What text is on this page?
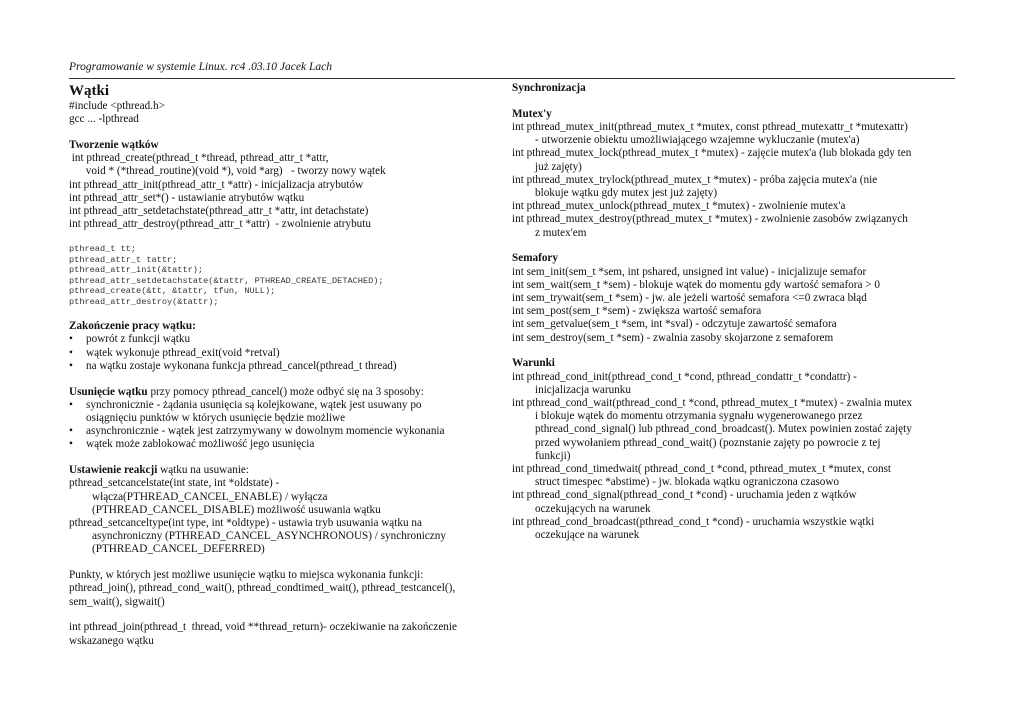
Programowanie w systemie Linux. rc4 .03.10 Jacek Lach
Wątki
#include <pthread.h>
gcc ... -lpthread
Tworzenie wątków
int pthread_create(pthread_t *thread, pthread_attr_t *attr,
void * (*thread_routine)(void *), void *arg)   - tworzy nowy wątek
int pthread_attr_init(pthread_attr_t *attr) - inicjalizacja atrybutów
int pthread_attr_set*() - ustawianie atrybutów wątku
int pthread_attr_setdetachstate(pthread_attr_t *attr, int detachstate)
int pthread_attr_destroy(pthread_attr_t *attr)  - zwolnienie atrybutu
pthread_t tt;
pthread_attr_t tattr;
pthread_attr_init(&tattr);
pthread_attr_setdetachstate(&tattr, PTHREAD_CREATE_DETACHED);
pthread_create(&tt, &tattr, tfun, NULL);
pthread_attr_destroy(&tattr);
Zakończenie pracy wątku:
• powrót z funkcji wątku
• wątek wykonuje pthread_exit(void *retval)
• na wątku zostaje wykonana funkcja pthread_cancel(pthread_t thread)
Usunięcie wątku przy pomocy pthread_cancel() może odbyć się na 3 sposoby:
• synchronicznie - żądania usunięcia są kolejkowane, wątek jest usuwany po
osiągnięciu punktów w których usunięcie będzie możliwe
• asynchronicznie - wątek jest zatrzymywany w dowolnym momencie wykonania
• wątek może zablokować możliwość jego usunięcia
Ustawienie reakcji wątku na usuwanie:
pthread_setcancelstate(int state, int *oldstate) -
włącza(PTHREAD_CANCEL_ENABLE) / wyłącza
(PTHREAD_CANCEL_DISABLE) możliwość usuwania wątku
pthread_setcanceltype(int type, int *oldtype) - ustawia tryb usuwania wątku na
asynchroniczny (PTHREAD_CANCEL_ASYNCHRONOUS) / synchroniczny
(PTHREAD_CANCEL_DEFERRED)
Punkty, w których jest możliwe usunięcie wątku to miejsca wykonania funkcji:
pthread_join(), pthread_cond_wait(), pthread_condtimed_wait(), pthread_testcancel(),
sem_wait(), sigwait()
int pthread_join(pthread_t  thread, void **thread_return)- oczekiwanie na zakończenie
wskazanego wątku
Synchronizacja
Mutex'y
int pthread_mutex_init(pthread_mutex_t *mutex, const pthread_mutexattr_t *mutexattr)
- utworzenie obiektu umożliwiającego wzajemne wykluczanie (mutex'a)
int pthread_mutex_lock(pthread_mutex_t *mutex) - zajęcie mutex'a (lub blokada gdy ten
już zajęty)
int pthread_mutex_trylock(pthread_mutex_t *mutex) - próba zajęcia mutex'a (nie
blokuje wątku gdy mutex jest już zajęty)
int pthread_mutex_unlock(pthread_mutex_t *mutex) - zwolnienie mutex'a
int pthread_mutex_destroy(pthread_mutex_t *mutex) - zwolnienie zasobów związanych
z mutex'em
Semafory
int sem_init(sem_t *sem, int pshared, unsigned int value) - inicjalizuje semafor
int sem_wait(sem_t *sem) - blokuje wątek do momentu gdy wartość semafora > 0
int sem_trywait(sem_t *sem) - jw. ale jeżeli wartość semafora <=0 zwraca błąd
int sem_post(sem_t *sem) - zwiększa wartość semafora
int sem_getvalue(sem_t *sem, int *sval) - odczytuje zawartość semafora
int sem_destroy(sem_t *sem) - zwalnia zasoby skojarzone z semaforem
Warunki
int pthread_cond_init(pthread_cond_t *cond, pthread_condattr_t *condattr) -
inicjalizacja warunku
int pthread_cond_wait(pthread_cond_t *cond, pthread_mutex_t *mutex) - zwalnia mutex
i blokuje wątek do momentu otrzymania sygnału wygenerowanego przez
pthread_cond_signal() lub pthread_cond_broadcast(). Mutex powinien zostać zajęty
przed wywołaniem pthread_cond_wait() (poznstanie zajęty po powrocie z tej
funkcji)
int pthread_cond_timedwait( pthread_cond_t *cond, pthread_mutex_t *mutex, const
struct timespec *abstime) - jw. blokada wątku ograniczona czasowo
int pthread_cond_signal(pthread_cond_t *cond) - uruchamia jeden z wątków
oczekujących na warunek
int pthread_cond_broadcast(pthread_cond_t *cond) - uruchamia wszystkie wątki
oczekujące na warunek
